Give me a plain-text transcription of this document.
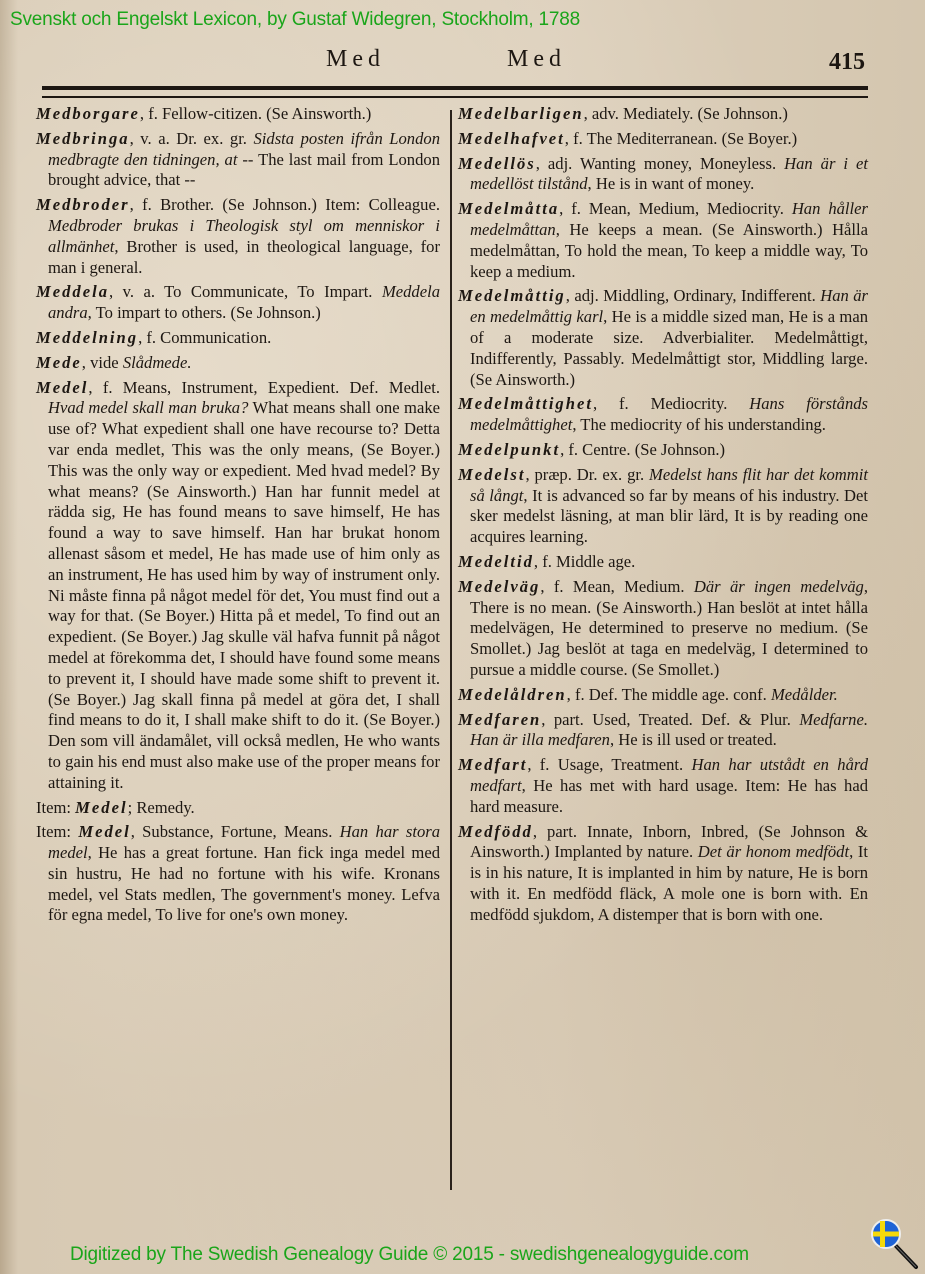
Svenskt och Engelskt Lexicon, by Gustaf Widegren, Stockholm, 1788
Med	Med	415
Medborgare, f. Fellow-citizen. (Se Ainsworth.)
Medbringa, v. a. Dr. ex. gr. Sidsta posten ifrån London medbragte den tidningen, at -- The last mail from London brought advice, that --
Medbroder, f. Brother. (Se Johnson.) Item: Colleague. Medbroder brukas i Theologisk styl om menniskor i allmänhet, Brother is used, in theological language, for man i general.
Meddela, v. a. To Communicate, To Impart. Meddela andra, To impart to others. (Se Johnson.)
Meddelning, f. Communication.
Mede, vide Slådmede.
Medel, f. Means, Instrument, Expedient. Def. Medlet. Hvad medel skall man bruka? What means shall one make use of? What expedient shall one have recourse to? Detta var enda medlet, This was the only means, (Se Boyer.) This was the only way or expedient. Med hvad medel? By what means? (Se Ainsworth.) Han har funnit medel at rädda sig, He has found means to save himself, He has found a way to save himself. Han har brukat honom allenast såsom et medel, He has made use of him only as an instrument, He has used him by way of instrument only. Ni måste finna på något medel för det, You must find out a way for that. (Se Boyer.) Hitta på et medel, To find out an expedient. (Se Boyer.) Jag skulle väl hafva funnit på något medel at förekomma det, I should have found some means to prevent it, I should have made some shift to prevent it. (Se Boyer.) Jag skall finna på medel at göra det, I shall find means to do it, I shall make shift to do it. (Se Boyer.) Den som vill ändamålet, vill också medlen, He who wants to gain his end must also make use of the proper means for attaining it.
Item: Medel; Remedy.
Item: Medel, Substance, Fortune, Means. Han har stora medel, He has a great fortune. Han fick inga medel med sin hustru, He had no fortune with his wife. Kronans medel, vel Stats medlen, The government's money. Lefva för egna medel, To live for one's own money.
Medelbarligen, adv. Mediately. (Se Johnson.)
Medelhafvet, f. The Mediterranean. (Se Boyer.)
Medellös, adj. Wanting money, Moneyless. Han är i et medellöst tilstånd, He is in want of money.
Medelmåtta, f. Mean, Medium, Mediocrity. Han håller medelmåttan, He keeps a mean. (Se Ainsworth.) Hålla medelmåttan, To hold the mean, To keep a middle way, To keep a medium.
Medelmåttig, adj. Middling, Ordinary, Indifferent. Han är en medelmåttig karl, He is a middle sized man, He is a man of a moderate size. Adverbialiter. Medelmåttigt, Indifferently, Passably. Medelmåttigt stor, Middling large. (Se Ainsworth.)
Medelmåttighet, f. Mediocrity. Hans förstånds medelmåttighet, The mediocrity of his understanding.
Medelpunkt, f. Centre. (Se Johnson.)
Medelst, præp. Dr. ex. gr. Medelst hans flit har det kommit så långt, It is advanced so far by means of his industry. Det sker medelst läsning, at man blir lärd, It is by reading one acquires learning.
Medeltid, f. Middle age.
Medelväg, f. Mean, Medium. Där är ingen medelväg, There is no mean. (Se Ainsworth.) Han beslöt at intet hålla medelvägen, He determined to preserve no medium. (Se Smollet.) Jag beslöt at taga en medelväg, I determined to pursue a middle course. (Se Smollet.)
Medelåldren, f. Def. The middle age. conf. Medålder.
Medfaren, part. Used, Treated. Def. & Plur. Medfarne. Han är illa medfaren, He is ill used or treated.
Medfart, f. Usage, Treatment. Han har utstådt en hård medfart, He has met with hard usage. Item: He has had hard measure.
Medfödd, part. Innate, Inborn, Inbred, (Se Johnson & Ainsworth.) Implanted by nature. Det är honom medfödt, It is in his nature, It is implanted in him by nature, He is born with it. En medfödd fläck, A mole one is born with. En medfödd sjukdom, A distemper that is born with one.
Digitized by The Swedish Genealogy Guide © 2015 - swedishgenealogyguide.com
